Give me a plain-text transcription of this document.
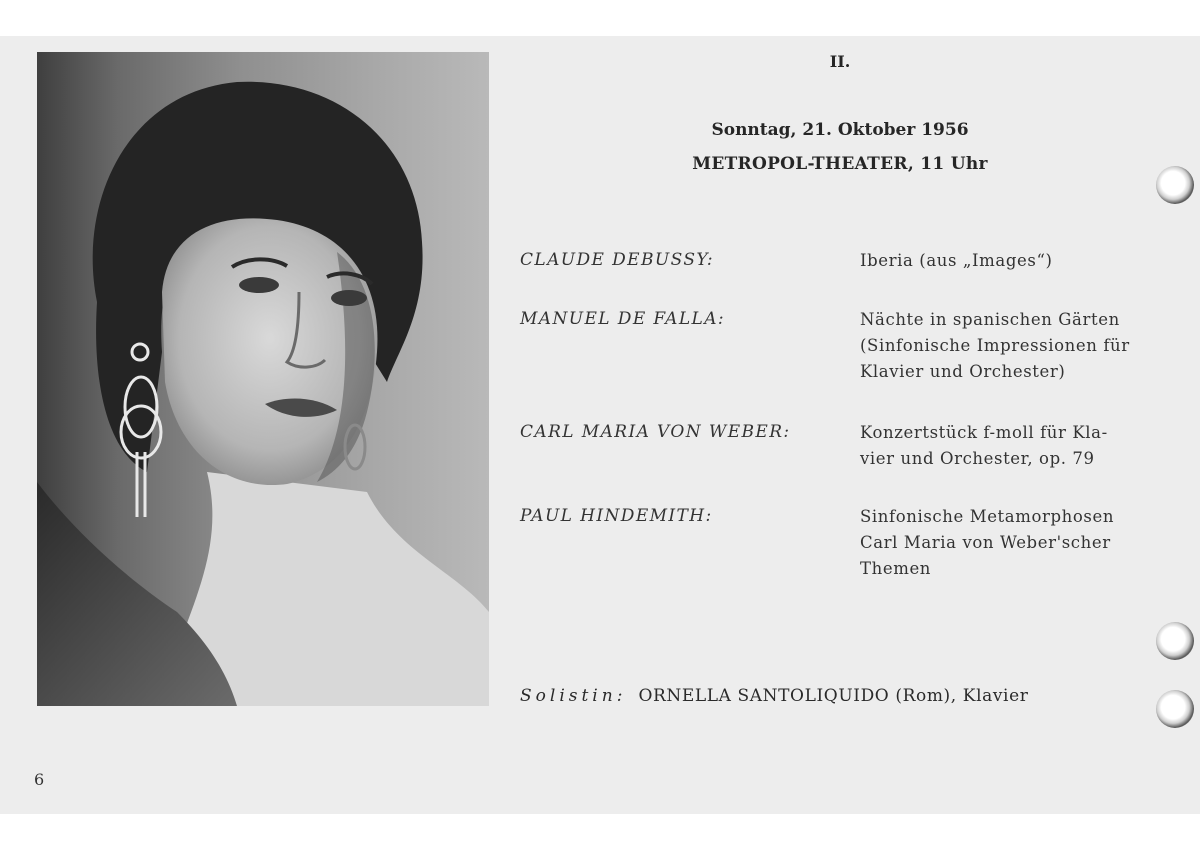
II.
Sonntag, 21. Oktober 1956
METROPOL-THEATER, 11 Uhr
CLAUDE DEBUSSY:	Iberia (aus „Images“)
MANUEL DE FALLA:	Nächte in spanischen Gärten
(Sinfonische Impressionen für
Klavier und Orchester)
CARL MARIA VON WEBER:	Konzertstück f-moll für Kla-
vier und Orchester, op. 79
PAUL HINDEMITH:	Sinfonische Metamorphosen
Carl Maria von Weber'scher
Themen
Solistin: ORNELLA SANTOLIQUIDO (Rom), Klavier
6
